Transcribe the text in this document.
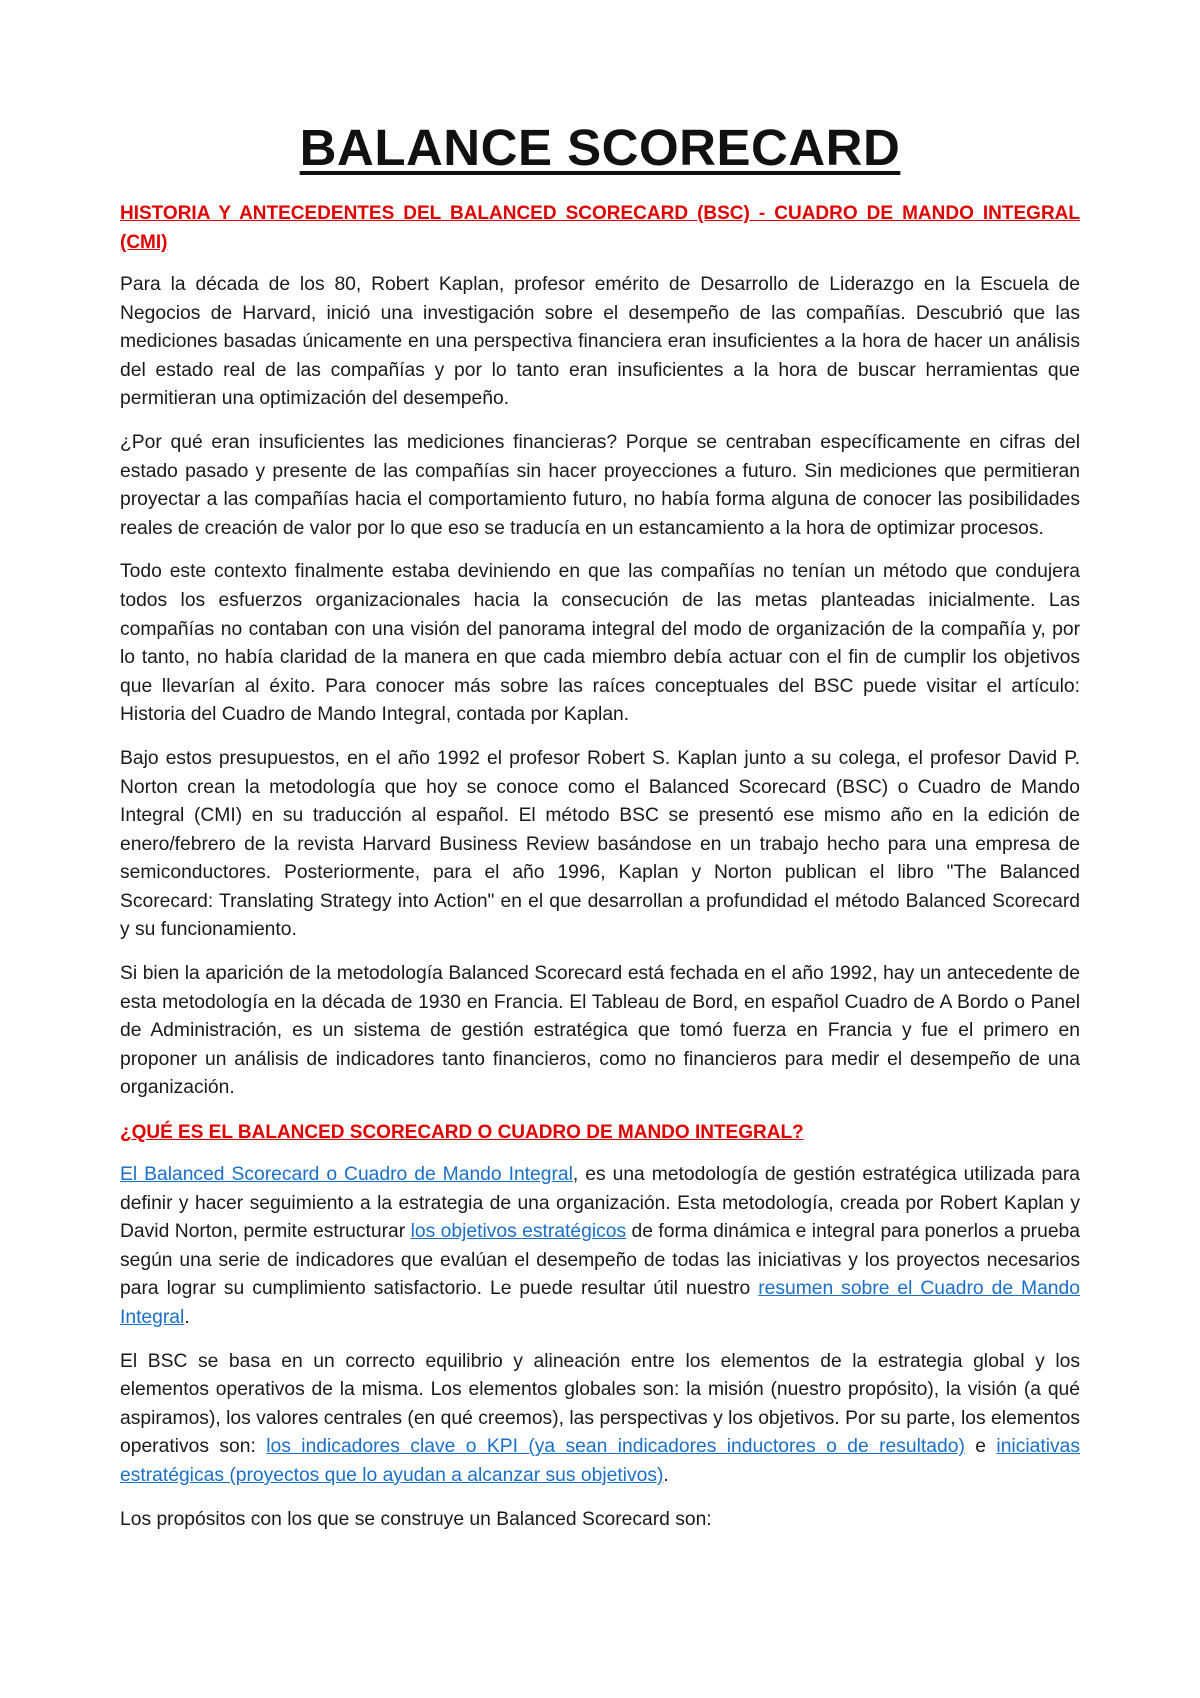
BALANCE SCORECARD
HISTORIA Y ANTECEDENTES DEL BALANCED SCORECARD (BSC) - CUADRO DE MANDO INTEGRAL (CMI)

Para la década de los 80, Robert Kaplan, profesor emérito de Desarrollo de Liderazgo en la Escuela de Negocios de Harvard, inició una investigación sobre el desempeño de las compañías. Descubrió que las mediciones basadas únicamente en una perspectiva financiera eran insuficientes a la hora de hacer un análisis del estado real de las compañías y por lo tanto eran insuficientes a la hora de buscar herramientas que permitieran una optimización del desempeño.

¿Por qué eran insuficientes las mediciones financieras? Porque se centraban específicamente en cifras del estado pasado y presente de las compañías sin hacer proyecciones a futuro. Sin mediciones que permitieran proyectar a las compañías hacia el comportamiento futuro, no había forma alguna de conocer las posibilidades reales de creación de valor por lo que eso se traducía en un estancamiento a la hora de optimizar procesos.

Todo este contexto finalmente estaba deviniendo en que las compañías no tenían un método que condujera todos los esfuerzos organizacionales hacia la consecución de las metas planteadas inicialmente. Las compañías no contaban con una visión del panorama integral del modo de organización de la compañía y, por lo tanto, no había claridad de la manera en que cada miembro debía actuar con el fin de cumplir los objetivos que llevarían al éxito. Para conocer más sobre las raíces conceptuales del BSC puede visitar el artículo: Historia del Cuadro de Mando Integral, contada por Kaplan.

Bajo estos presupuestos, en el año 1992 el profesor Robert S. Kaplan junto a su colega, el profesor David P. Norton crean la metodología que hoy se conoce como el Balanced Scorecard (BSC) o Cuadro de Mando Integral (CMI) en su traducción al español. El método BSC se presentó ese mismo año en la edición de enero/febrero de la revista Harvard Business Review basándose en un trabajo hecho para una empresa de semiconductores. Posteriormente, para el año 1996, Kaplan y Norton publican el libro "The Balanced Scorecard: Translating Strategy into Action" en el que desarrollan a profundidad el método Balanced Scorecard y su funcionamiento.

Si bien la aparición de la metodología Balanced Scorecard está fechada en el año 1992, hay un antecedente de esta metodología en la década de 1930 en Francia. El Tableau de Bord, en español Cuadro de A Bordo o Panel de Administración, es un sistema de gestión estratégica que tomó fuerza en Francia y fue el primero en proponer un análisis de indicadores tanto financieros, como no financieros para medir el desempeño de una organización.

¿QUÉ ES EL BALANCED SCORECARD O CUADRO DE MANDO INTEGRAL?

El Balanced Scorecard o Cuadro de Mando Integral, es una metodología de gestión estratégica utilizada para definir y hacer seguimiento a la estrategia de una organización. Esta metodología, creada por Robert Kaplan y David Norton, permite estructurar los objetivos estratégicos de forma dinámica e integral para ponerlos a prueba según una serie de indicadores que evalúan el desempeño de todas las iniciativas y los proyectos necesarios para lograr su cumplimiento satisfactorio. Le puede resultar útil nuestro resumen sobre el Cuadro de Mando Integral.

El BSC se basa en un correcto equilibrio y alineación entre los elementos de la estrategia global y los elementos operativos de la misma. Los elementos globales son: la misión (nuestro propósito), la visión (a qué aspiramos), los valores centrales (en qué creemos), las perspectivas y los objetivos. Por su parte, los elementos operativos son: los indicadores clave o KPI (ya sean indicadores inductores o de resultado) e iniciativas estratégicas (proyectos que lo ayudan a alcanzar sus objetivos).

Los propósitos con los que se construye un Balanced Scorecard son:
